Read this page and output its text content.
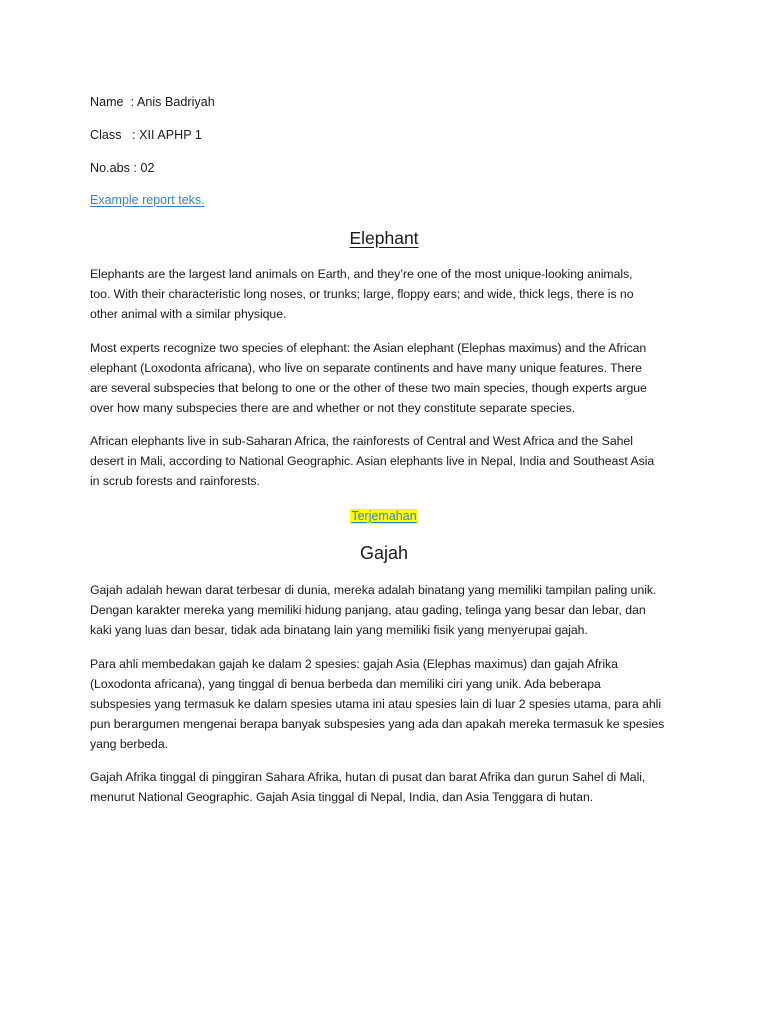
Name  : Anis Badriyah
Class   : XII APHP 1
No.abs : 02
Example report teks.
Elephant
Elephants are the largest land animals on Earth, and they’re one of the most unique-looking animals,
too. With their characteristic long noses, or trunks; large, floppy ears; and wide, thick legs, there is no
other animal with a similar physique.
Most experts recognize two species of elephant: the Asian elephant (Elephas maximus) and the African
elephant (Loxodonta africana), who live on separate continents and have many unique features. There
are several subspecies that belong to one or the other of these two main species, though experts argue
over how many subspecies there are and whether or not they constitute separate species.
African elephants live in sub-Saharan Africa, the rainforests of Central and West Africa and the Sahel
desert in Mali, according to National Geographic. Asian elephants live in Nepal, India and Southeast Asia
in scrub forests and rainforests.
Terjemahan
Gajah
Gajah adalah hewan darat terbesar di dunia, mereka adalah binatang yang memiliki tampilan paling unik.
Dengan karakter mereka yang memiliki hidung panjang, atau gading, telinga yang besar dan lebar, dan
kaki yang luas dan besar, tidak ada binatang lain yang memiliki fisik yang menyerupai gajah.
Para ahli membedakan gajah ke dalam 2 spesies: gajah Asia (Elephas maximus) dan gajah Afrika
(Loxodonta africana), yang tinggal di benua berbeda dan memiliki ciri yang unik. Ada beberapa
subspesies yang termasuk ke dalam spesies utama ini atau spesies lain di luar 2 spesies utama, para ahli
pun berargumen mengenai berapa banyak subspesies yang ada dan apakah mereka termasuk ke spesies
yang berbeda.
Gajah Afrika tinggal di pinggiran Sahara Afrika, hutan di pusat dan barat Afrika dan gurun Sahel di Mali,
menurut National Geographic. Gajah Asia tinggal di Nepal, India, dan Asia Tenggara di hutan.
